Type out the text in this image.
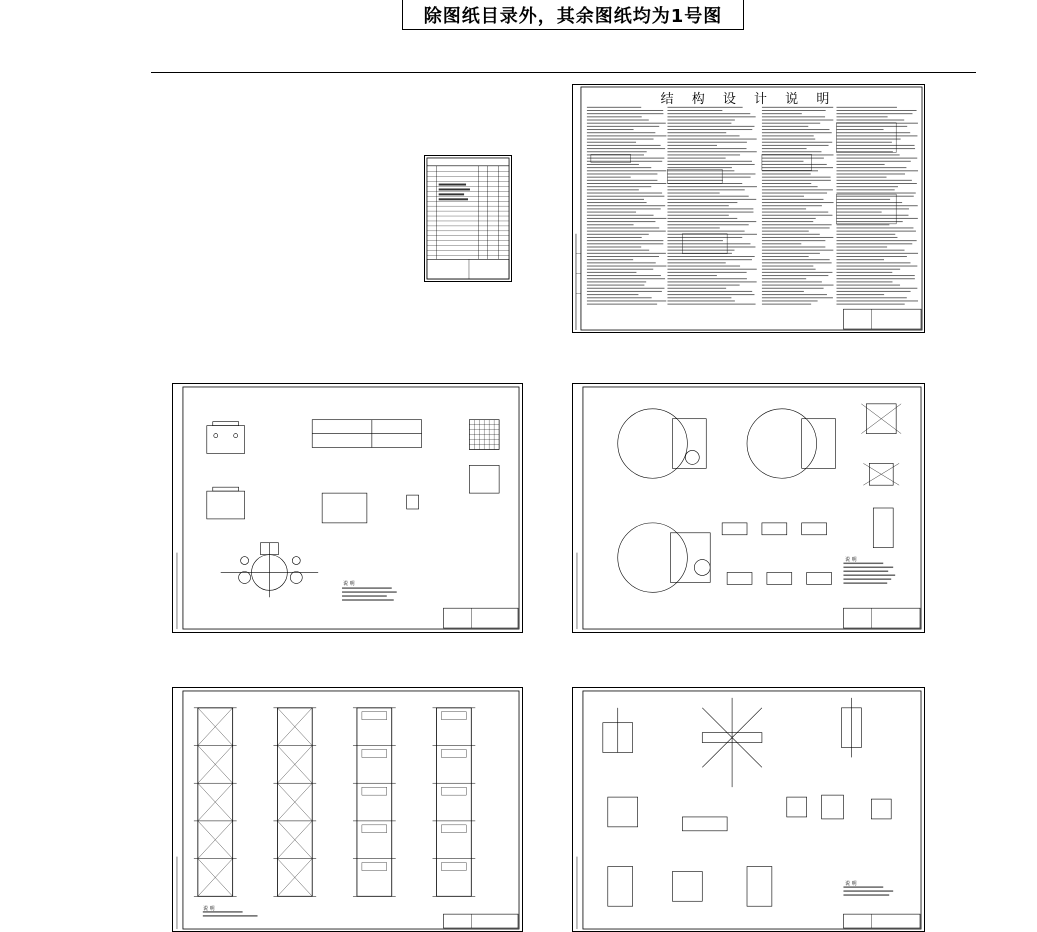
除图纸目录外，其余图纸均为1号图
结 构 设 计 说 明
说 明
说 明
说 明
说 明
